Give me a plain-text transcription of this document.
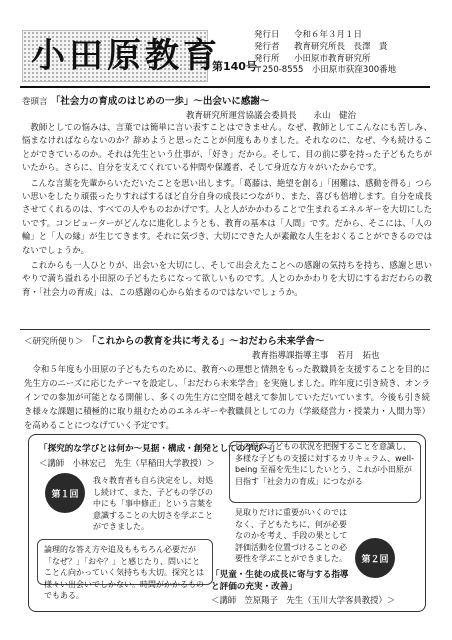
小田原教育
第140号
発行日 令和６年３月１日
発行者 教育研究所長　長澤　貴
発行所 小田原市教育研究所
〒250-8555　小田原市荻窪300番地
巻頭言 「社会力の育成のはじめの一歩」～出会いに感謝～
教育研究所運営協議会委員長　　永山　健治

教師としての悩みは、言葉では簡単に言い表すことはできません。なぜ、教師としてこんなにも苦しみ、悩まなければならないのか？辞めようと思ったことが何度もありました。それなのに、なぜ、今も続けることができているのか。それは先生という仕事が、「好き」だから。そして、目の前に夢を持った子どもたちがいたから。さらに、自分を支えてくれている仲間や保護者、そして身近な方々がいたからです。

こんな言葉を先輩からいただいたことを思い出します。「葛藤は、絶望を創る」「困難は、感動を得る」つらい思いをしたり頑張ったりすればするほど自分自身の成長につながり、また、喜びも倍増します。自分を成長させてくれるのは、すべての人やものおかげです。人と人がかかわることで生まれるエネルギーを大切にしたいです。コンピューターがどんなに進化しようとも、教育の基本は「人間」です。だから、そこには、「人の輪」と「人の縁」が生じてきます。それに気づき、大切にできた人が素敵な人生をおくることができるのではないでしょうか。

これからも一人ひとりが、出会いを大切にし、そして出会えたことへの感謝の気持ちを持ち、感謝と思いやりで満ち溢れる小田原の子どもたちになって欲しいものです。人とのかかわりを大切にするおだわらの教育・「社会力の育成」は、この感謝の心から始まるのではないでしょうか。

＜研究所便り＞ 「これからの教育を共に考える」～おだわら未来学舎～
教育指導課指導主事　若月　拓也

令和５年度も小田原の子どもたちのために、教育への理想と情熱をもった教職員を支援することを目的に先生方のニーズに応じたテーマを設定し、「おだわら未来学舎」を実施しました。昨年度に引き続き、オンラインでの参加が可能となる開催し、多くの先生方に空間を越えて参加していただいています。今後も引き続き様々な課題に積極的に取り組むためのエネルギーや教職員としての力（学級経営力・授業力・人間力等）を高めることにつなげていく予定です。

「探究的な学びとは何か～見据・構成・創発としての学び～」
＜講師　小林宏己　先生（早稲田大学教授）＞
第１回
我々教育者も自ら決定をし、対処し続けて、また、子どもの学びの中にも「事中修正」という言葉を意識することの大切さを学ぶことができました。
論理的な答え方や追及ももちろん必要だが「なぜ？」「おや？」と感じたり、問いにとことん向かっていく気持ちも大切。探究とは様々い出会いでしかない。時間がかかるものでもある。
目の前の子どもの状況を把握することを意識し、多様な子どもの支援に対するカリキュラム、well-being 至福を先生にしたいとう、これが小田原が目指す「社会力の育成」につながる
見取りだけに重要がいくのではなく、子どもたちに、何が必要なのかを考え、手段の果として評価活動を位置づけることの必要性を学ぶことができました。	第２回
「児童・生徒の成長に寄与する指導と評価の充実・改善」
＜講師　笠原陽子　先生（玉川大学客員教授）＞
